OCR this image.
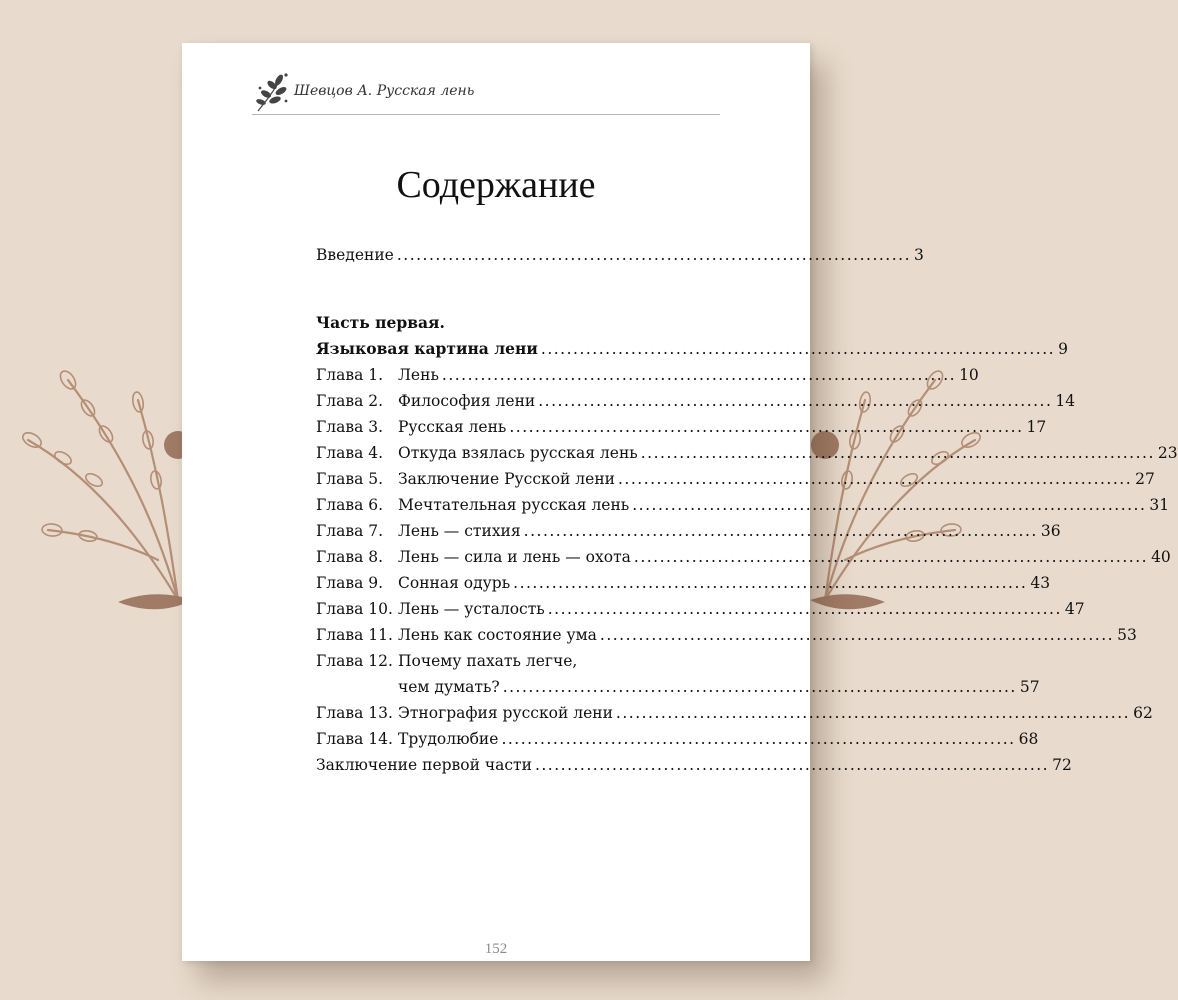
Шевцов А. Русская лень
Содержание
Введение ................................................................................ 3
Часть первая.
Языковая картина лени ................................................................................ 9
Глава 1. Лень ................................................................................ 10
Глава 2. Философия лени ................................................................................ 14
Глава 3. Русская лень ................................................................................ 17
Глава 4. Откуда взялась русская лень ................................................................................ 23
Глава 5. Заключение Русской лени ................................................................................ 27
Глава 6. Мечтательная русская лень ................................................................................ 31
Глава 7. Лень — стихия ................................................................................ 36
Глава 8. Лень — сила и лень — охота ................................................................................ 40
Глава 9. Сонная одурь ................................................................................ 43
Глава 10. Лень — усталость ................................................................................ 47
Глава 11. Лень как состояние ума ................................................................................ 53
Глава 12. Почему пахать легче,
чем думать? ................................................................................ 57
Глава 13. Этнография русской лени ................................................................................ 62
Глава 14. Трудолюбие ................................................................................ 68
Заключение первой части ................................................................................ 72
152
